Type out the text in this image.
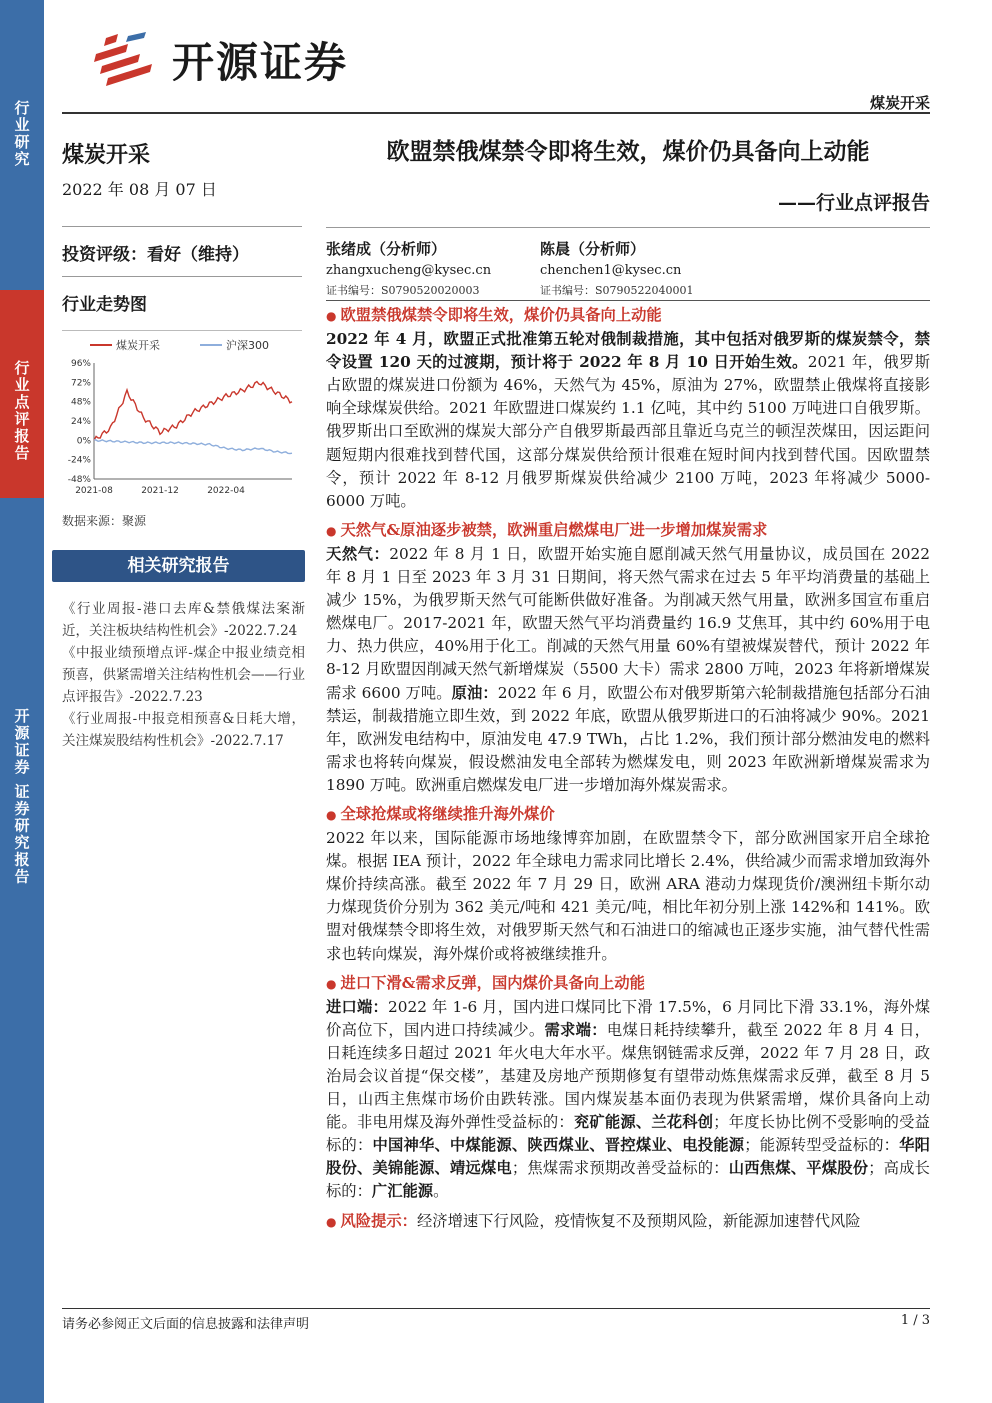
行业研究
行业点评报告
开源证券 证券研究报告
开源证券
煤炭开采
煤炭开采
2022 年 08 月 07 日
投资评级：看好（维持）
行业走势图
96%
72%
48%
24%
0%
-24%
-48%
2021-08	2021-12	2022-04
煤炭开采	沪深300
数据来源：聚源
相关研究报告

《行业周报-港口去库&禁俄煤法案渐近，关注板块结构性机会》-2022.7.24

《中报业绩预增点评-煤企中报业绩竞相预喜，供紧需增关注结构性机会——行业点评报告》-2022.7.23

《行业周报-中报竞相预喜&日耗大增，关注煤炭股结构性机会》-2022.7.17

欧盟禁俄煤禁令即将生效，煤价仍具备向上动能
——行业点评报告
张绪成（分析师）
zhangxucheng@kysec.cn
证书编号：S0790520020003
陈晨（分析师）
chenchen1@kysec.cn
证书编号：S0790522040001

● 欧盟禁俄煤禁令即将生效，煤价仍具备向上动能

2022 年 4 月，欧盟正式批准第五轮对俄制裁措施，其中包括对俄罗斯的煤炭禁令，禁令设置 120 天的过渡期，预计将于 2022 年 8 月 10 日开始生效。2021 年，俄罗斯占欧盟的煤炭进口份额为 46%，天然气为 45%，原油为 27%，欧盟禁止俄煤将直接影响全球煤炭供给。2021 年欧盟进口煤炭约 1.1 亿吨，其中约 5100 万吨进口自俄罗斯。俄罗斯出口至欧洲的煤炭大部分产自俄罗斯最西部且靠近乌克兰的顿涅茨煤田，因运距问题短期内很难找到替代国，这部分煤炭供给预计很难在短时间内找到替代国。因欧盟禁令，预计 2022 年 8-12 月俄罗斯煤炭供给减少 2100 万吨，2023 年将减少 5000-6000 万吨。

● 天然气&原油逐步被禁，欧洲重启燃煤电厂进一步增加煤炭需求

天然气：2022 年 8 月 1 日，欧盟开始实施自愿削减天然气用量协议，成员国在 2022 年 8 月 1 日至 2023 年 3 月 31 日期间，将天然气需求在过去 5 年平均消费量的基础上减少 15%，为俄罗斯天然气可能断供做好准备。为削减天然气用量，欧洲多国宣布重启燃煤电厂。2017-2021 年，欧盟天然气平均消费量约 16.9 艾焦耳，其中约 60%用于电力、热力供应，40%用于化工。削减的天然气用量 60%有望被煤炭替代，预计 2022 年 8-12 月欧盟因削减天然气新增煤炭（5500 大卡）需求 2800 万吨，2023 年将新增煤炭需求 6600 万吨。原油：2022 年 6 月，欧盟公布对俄罗斯第六轮制裁措施包括部分石油禁运，制裁措施立即生效，到 2022 年底，欧盟从俄罗斯进口的石油将减少 90%。2021 年，欧洲发电结构中，原油发电 47.9 TWh，占比 1.2%，我们预计部分燃油发电的燃料需求也将转向煤炭，假设燃油发电全部转为燃煤发电，则 2023 年欧洲新增煤炭需求为 1890 万吨。欧洲重启燃煤发电厂进一步增加海外煤炭需求。

● 全球抢煤或将继续推升海外煤价

2022 年以来，国际能源市场地缘博弈加剧，在欧盟禁令下，部分欧洲国家开启全球抢煤。根据 IEA 预计，2022 年全球电力需求同比增长 2.4%，供给减少而需求增加致海外煤价持续高涨。截至 2022 年 7 月 29 日，欧洲 ARA 港动力煤现货价/澳洲纽卡斯尔动力煤现货价分别为 362 美元/吨和 421 美元/吨，相比年初分别上涨 142%和 141%。欧盟对俄煤禁令即将生效，对俄罗斯天然气和石油进口的缩减也正逐步实施，油气替代性需求也转向煤炭，海外煤价或将被继续推升。

● 进口下滑&需求反弹，国内煤价具备向上动能

进口端：2022 年 1-6 月，国内进口煤同比下滑 17.5%，6 月同比下滑 33.1%，海外煤价高位下，国内进口持续减少。需求端：电煤日耗持续攀升，截至 2022 年 8 月 4 日，日耗连续多日超过 2021 年火电大年水平。煤焦钢链需求反弹，2022 年 7 月 28 日，政治局会议首提“保交楼”，基建及房地产预期修复有望带动炼焦煤需求反弹，截至 8 月 5 日，山西主焦煤市场价由跌转涨。国内煤炭基本面仍表现为供紧需增，煤价具备向上动能。非电用煤及海外弹性受益标的：兖矿能源、兰花科创；年度长协比例不受影响的受益标的：中国神华、中煤能源、陕西煤业、晋控煤业、电投能源；能源转型受益标的：华阳股份、美锦能源、靖远煤电；焦煤需求预期改善受益标的：山西焦煤、平煤股份；高成长标的：广汇能源。

● 风险提示：经济增速下行风险，疫情恢复不及预期风险，新能源加速替代风险

请务必参阅正文后面的信息披露和法律声明	1 / 3
